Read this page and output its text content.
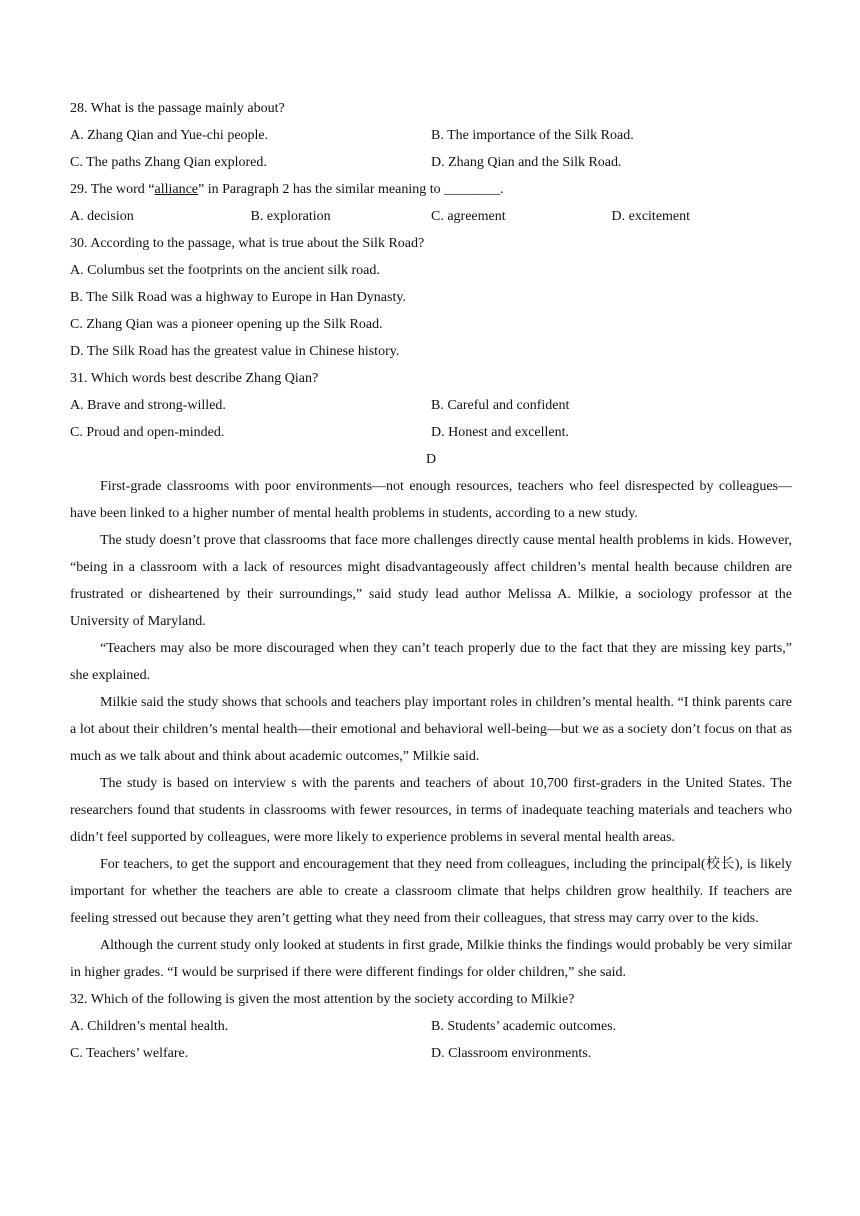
28. What is the passage mainly about?
A. Zhang Qian and Yue-chi people.	B. The importance of the Silk Road.
C. The paths Zhang Qian explored.	D. Zhang Qian and the Silk Road.
29. The word “alliance” in Paragraph 2 has the similar meaning to ________.
A. decision	B. exploration	C. agreement	D. excitement
30. According to the passage, what is true about the Silk Road?
A. Columbus set the footprints on the ancient silk road.
B. The Silk Road was a highway to Europe in Han Dynasty.
C. Zhang Qian was a pioneer opening up the Silk Road.
D. The Silk Road has the greatest value in Chinese history.
31. Which words best describe Zhang Qian?
A. Brave and strong-willed.	B. Careful and confident
C. Proud and open-minded.	D. Honest and excellent.
D

First-grade classrooms with poor environments—not enough resources, teachers who feel disrespected by colleagues—have been linked to a higher number of mental health problems in students, according to a new study.

The study doesn’t prove that classrooms that face more challenges directly cause mental health problems in kids. However, “being in a classroom with a lack of resources might disadvantageously affect children’s mental health because children are frustrated or disheartened by their surroundings,” said study lead author Melissa A. Milkie, a sociology professor at the University of Maryland.

“Teachers may also be more discouraged when they can’t teach properly due to the fact that they are missing key parts,” she explained.

Milkie said the study shows that schools and teachers play important roles in children’s mental health. “I think parents care a lot about their children’s mental health—their emotional and behavioral well-being—but we as a society don’t focus on that as much as we talk about and think about academic outcomes,” Milkie said.

The study is based on interview s with the parents and teachers of about 10,700 first-graders in the United States. The researchers found that students in classrooms with fewer resources, in terms of inadequate teaching materials and teachers who didn’t feel supported by colleagues, were more likely to experience problems in several mental health areas.

For teachers, to get the support and encouragement that they need from colleagues, including the principal(校长), is likely important for whether the teachers are able to create a classroom climate that helps children grow healthily. If teachers are feeling stressed out because they aren’t getting what they need from their colleagues, that stress may carry over to the kids.

Although the current study only looked at students in first grade, Milkie thinks the findings would probably be very similar in higher grades. “I would be surprised if there were different findings for older children,” she said.

32. Which of the following is given the most attention by the society according to Milkie?
A. Children’s mental health.	B. Students’ academic outcomes.
C. Teachers’ welfare.	D. Classroom environments.
